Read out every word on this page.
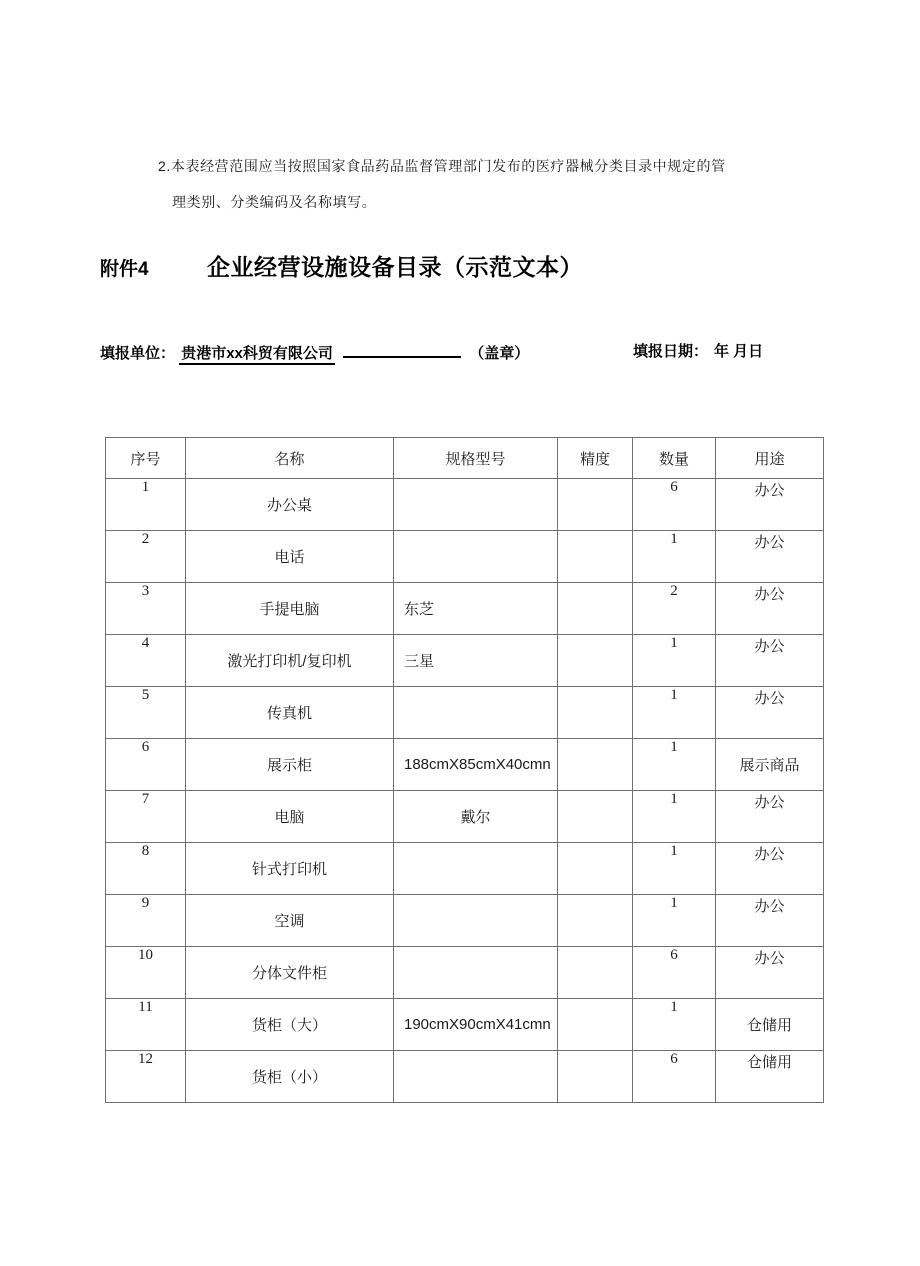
2.本表经营范围应当按照国家食品药品监督管理部门发布的医疗器械分类目录中规定的管
理类别、分类编码及名称填写。
附件4	企业经营设施设备目录（示范文本）
填报单位： 贵港市xx科贸有限公司	（盖章）	填报日期： 年 月日
序号	名称	规格型号	精度	数量	用途
1	办公桌			6	办公
2	电话			1	办公
3	手提电脑	东芝		2	办公
4	激光打印机/复印机	三星		1	办公
5	传真机			1	办公
6	展示柜	188cmX85cmX40cmn		1	展示商品
7	电脑	戴尔		1	办公
8	针式打印机			1	办公
9	空调			1	办公
10	分体文件柜			6	办公
11	货柜（大）	190cmX90cmX41cmn		1	仓储用
12	货柜（小）			6	仓储用
